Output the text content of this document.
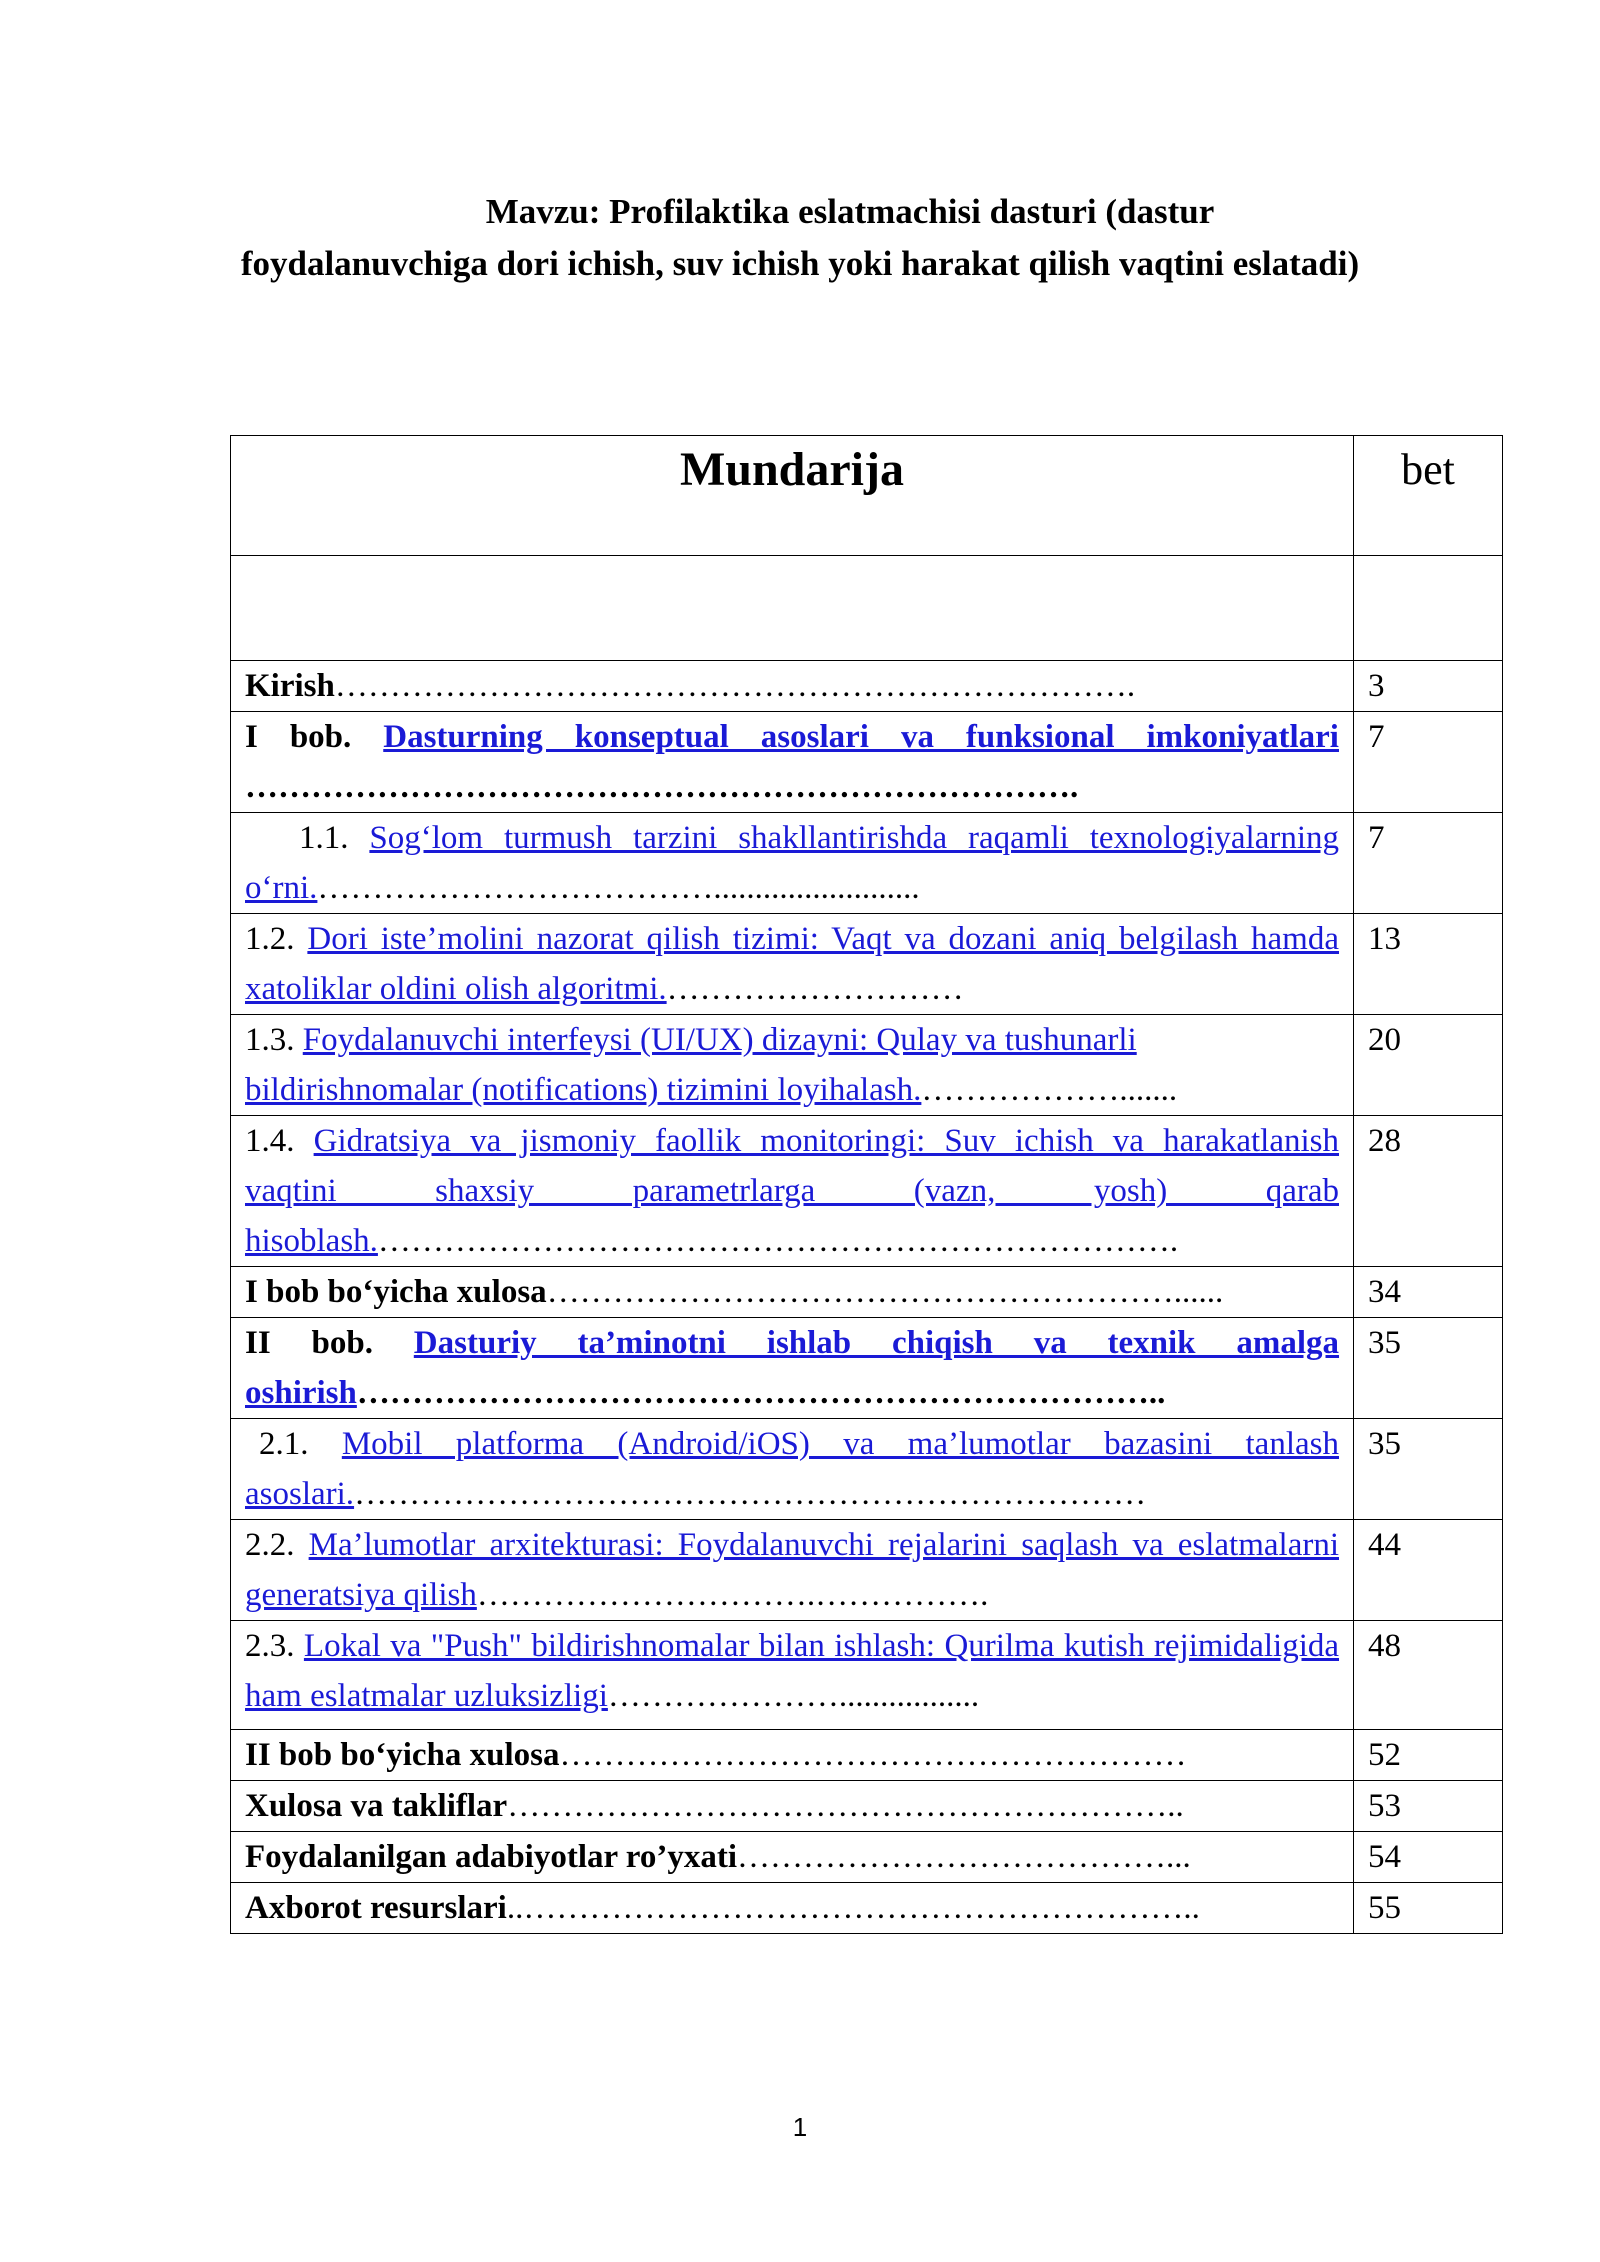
Mavzu: Profilaktika eslatmachisi dasturi (dastur
foydalanuvchiga dori ichish, suv ichish yoki harakat qilish vaqtini eslatadi)
Mundarija	bet

Kirish……………………………………………………………….	3
I bob. Dasturning konseptual asoslari va funksional imkoniyatlari ………………………………………………………………….	7
1.1. Sog‘lom turmush tarzini shakllantirishda raqamli texnologiyalarning o‘rni.……………………………….........................	7
1.2. Dori iste’molini nazorat qilish tizimi: Vaqt va dozani aniq belgilash hamda xatoliklar oldini olish algoritmi.………………………	13
1.3. Foydalanuvchi interfeysi (UI/UX) dizayni: Qulay va tushunarli bildirishnomalar (notifications) tizimini loyihalash.……………….......	20
1.4. Gidratsiya va jismoniy faollik monitoringi: Suv ichish va harakatlanish vaqtini shaxsiy parametrlarga (vazn, yosh) qarab hisoblash.……………………………………………………………….	28
I bob bo‘yicha xulosa…………………………………………………......	34
II bob. Dasturiy ta’minotni ishlab chiqish va texnik amalga oshirish………………………………………………………………..	35
2.1. Mobil platforma (Android/iOS) va ma’lumotlar bazasini tanlash asoslari.………………………………………………………………	35
2.2. Ma’lumotlar arxitekturasi: Foydalanuvchi rejalarini saqlash va eslatmalarni generatsiya qilish………………………….…………….	44
2.3. Lokal va "Push" bildirishnomalar bilan ishlash: Qurilma kutish rejimidaligida ham eslatmalar uzluksizligi………………….................	48
II bob bo‘yicha xulosa…………………………………………………	52
Xulosa va takliflar……………………………………………………..	53
Foydalanilgan adabiyotlar ro’yxati…………………………………...	54
Axborot resurslari..……………………………………………………..	55
1
